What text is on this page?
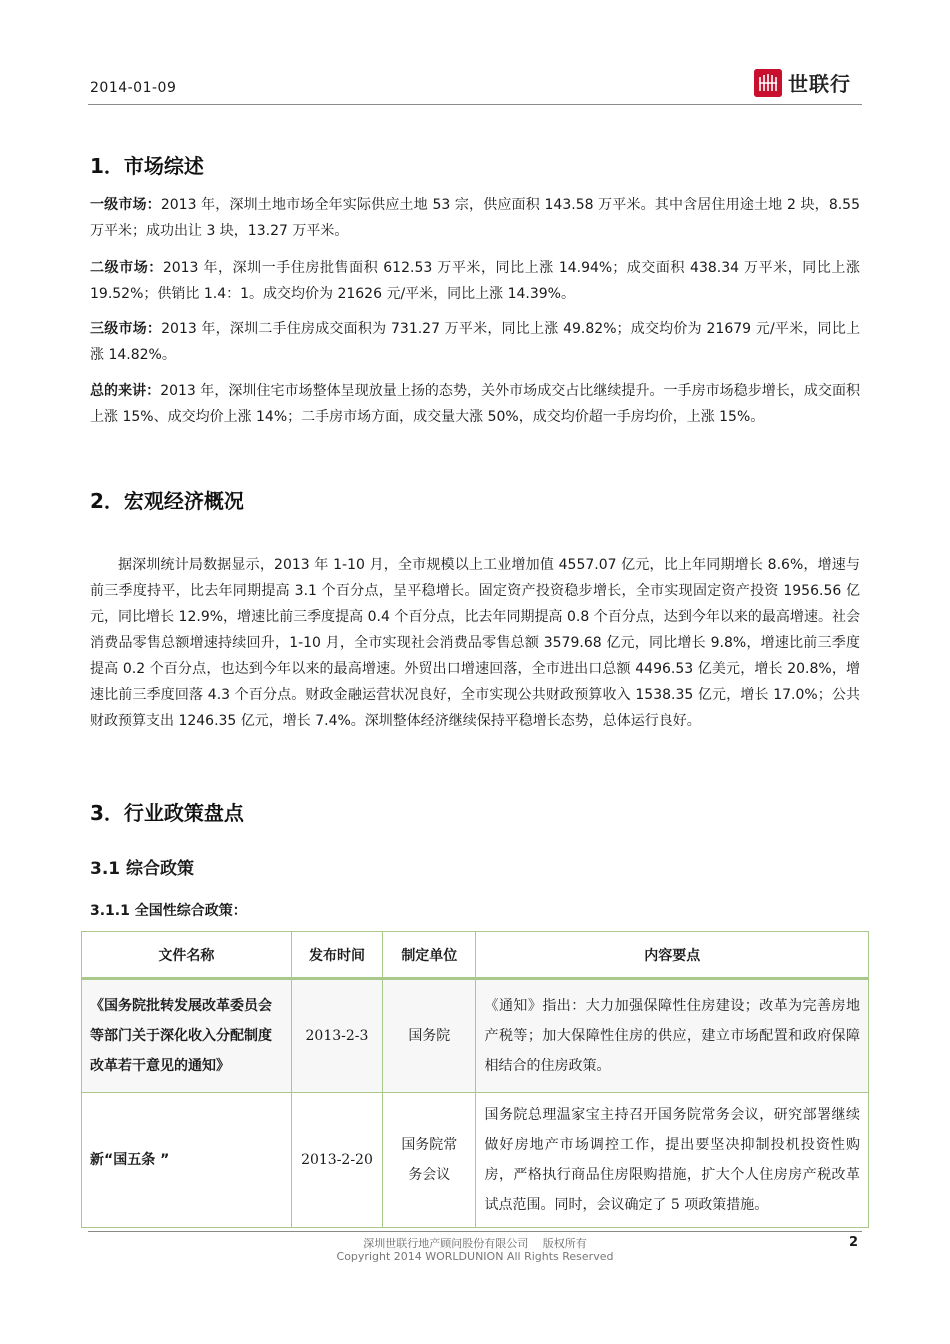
2014-01-09	世联行
1．市场综述
一级市场：2013 年，深圳土地市场全年实际供应土地 53 宗，供应面积 143.58 万平米。其中含居住用途土地 2 块，8.55 万平米；成功出让 3 块，13.27 万平米。
二级市场：2013 年，深圳一手住房批售面积 612.53 万平米，同比上涨 14.94%；成交面积 438.34 万平米，同比上涨 19.52%；供销比 1.4：1。成交均价为 21626 元/平米，同比上涨 14.39%。
三级市场：2013 年，深圳二手住房成交面积为 731.27 万平米，同比上涨 49.82%；成交均价为 21679 元/平米，同比上涨 14.82%。
总的来讲：2013 年，深圳住宅市场整体呈现放量上扬的态势，关外市场成交占比继续提升。一手房市场稳步增长，成交面积上涨 15%、成交均价上涨 14%；二手房市场方面，成交量大涨 50%，成交均价超一手房均价，上涨 15%。
2．宏观经济概况
据深圳统计局数据显示，2013 年 1-10 月，全市规模以上工业增加值 4557.07 亿元，比上年同期增长 8.6%，增速与前三季度持平，比去年同期提高 3.1 个百分点，呈平稳增长。固定资产投资稳步增长，全市实现固定资产投资 1956.56 亿元，同比增长 12.9%，增速比前三季度提高 0.4 个百分点，比去年同期提高 0.8 个百分点，达到今年以来的最高增速。社会消费品零售总额增速持续回升，1-10 月，全市实现社会消费品零售总额 3579.68 亿元，同比增长 9.8%，增速比前三季度提高 0.2 个百分点，也达到今年以来的最高增速。外贸出口增速回落，全市进出口总额 4496.53 亿美元，增长 20.8%，增速比前三季度回落 4.3 个百分点。财政金融运营状况良好，全市实现公共财政预算收入 1538.35 亿元，增长 17.0%；公共财政预算支出 1246.35 亿元，增长 7.4%。深圳整体经济继续保持平稳增长态势，总体运行良好。
3．行业政策盘点
3.1 综合政策
3.1.1 全国性综合政策：
文件名称	发布时间	制定单位	内容要点
《国务院批转发展改革委员会等部门关于深化收入分配制度改革若干意见的通知》	2013-2-3	国务院	《通知》指出：大力加强保障性住房建设；改革为完善房地产税等；加大保障性住房的供应，建立市场配置和政府保障相结合的住房政策。
新“国五条 ”	2013-2-20	国务院常务会议	国务院总理温家宝主持召开国务院常务会议，研究部署继续做好房地产市场调控工作，提出要坚决抑制投机投资性购房，严格执行商品住房限购措施，扩大个人住房房产税改革试点范围。同时，会议确定了 5 项政策措施。
深圳世联行地产顾问股份有限公司　 版权所有
Copyright 2014 WORLDUNION All Rights Reserved
2
